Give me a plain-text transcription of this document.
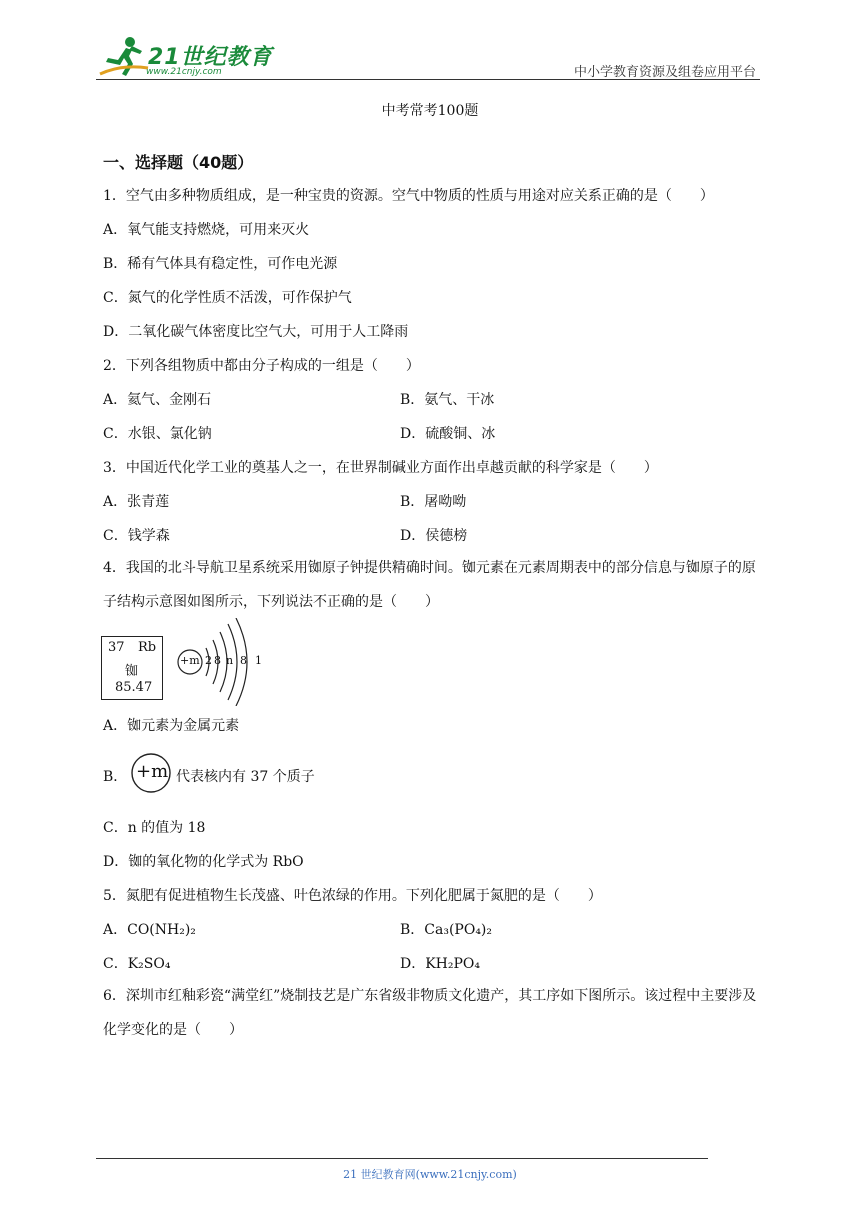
21世纪教育
www.21cnjy.com	中小学教育资源及组卷应用平台
中考常考100题
一、选择题（40题）
1．空气由多种物质组成，是一种宝贵的资源。空气中物质的性质与用途对应关系正确的是（　　）
A．氧气能支持燃烧，可用来灭火
B．稀有气体具有稳定性，可作电光源
C．氮气的化学性质不活泼，可作保护气
D．二氧化碳气体密度比空气大，可用于人工降雨
2．下列各组物质中都由分子构成的一组是（　　）
A．氦气、金刚石	B．氨气、干冰
C．水银、氯化钠	D．硫酸铜、冰
3．中国近代化学工业的奠基人之一，在世界制碱业方面作出卓越贡献的科学家是（　　）
A．张青莲	B．屠呦呦
C．钱学森	D．侯德榜
4．我国的北斗导航卫星系统采用铷原子钟提供精确时间。铷元素在元素周期表中的部分信息与铷原子的原子结构示意图如图所示，下列说法不正确的是（　　）
37 Rb
铷
85.47
+m 2 8 n 8 1
A．铷元素为金属元素
B． +m 代表核内有 37 个质子
C．n 的值为 18
D．铷的氧化物的化学式为 RbO
5．氮肥有促进植物生长茂盛、叶色浓绿的作用。下列化肥属于氮肥的是（　　）
A．CO(NH₂)₂	B．Ca₃(PO₄)₂
C．K₂SO₄	D．KH₂PO₄
6．深圳市红釉彩瓷“满堂红”烧制技艺是广东省级非物质文化遗产，其工序如下图所示。该过程中主要涉及化学变化的是（　　）
21 世纪教育网(www.21cnjy.com)
